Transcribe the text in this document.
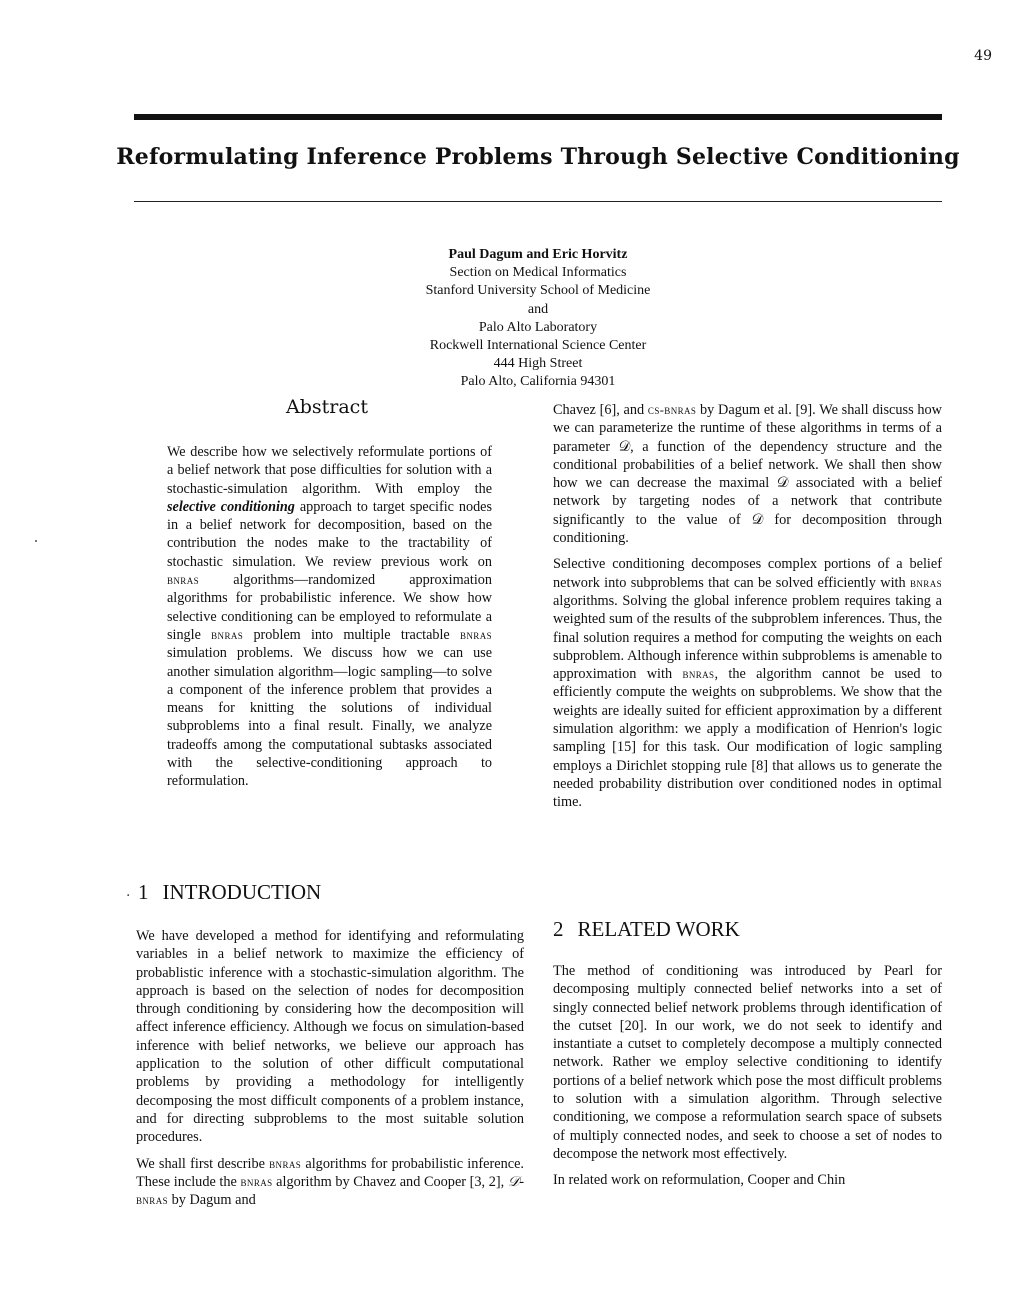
49
Reformulating Inference Problems Through Selective Conditioning
Paul Dagum and Eric Horvitz
Section on Medical Informatics
Stanford University School of Medicine
and
Palo Alto Laboratory
Rockwell International Science Center
444 High Street
Palo Alto, California 94301
Abstract
We describe how we selectively reformulate portions of a belief network that pose difficulties for solution with a stochastic-simulation algorithm. With employ the selective conditioning approach to target specific nodes in a belief network for decomposition, based on the contribution the nodes make to the tractability of stochastic simulation. We review previous work on bnras algorithms—randomized approximation algorithms for probabilistic inference. We show how selective conditioning can be employed to reformulate a single bnras problem into multiple tractable bnras simulation problems. We discuss how we can use another simulation algorithm—logic sampling—to solve a component of the inference problem that provides a means for knitting the solutions of individual subproblems into a final result. Finally, we analyze tradeoffs among the computational subtasks associated with the selective-conditioning approach to reformulation.
· 1 INTRODUCTION

We have developed a method for identifying and reformulating variables in a belief network to maximize the efficiency of probablistic inference with a stochastic-simulation algorithm. The approach is based on the selection of nodes for decomposition through conditioning by considering how the decomposition will affect inference efficiency. Although we focus on simulation-based inference with belief networks, we believe our approach has application to the solution of other difficult computational problems by providing a methodology for intelligently decomposing the most difficult components of a problem instance, and for directing subproblems to the most suitable solution procedures.

We shall first describe bnras algorithms for probabilistic inference. These include the bnras algorithm by Chavez and Cooper [3, 2], 𝒟-bnras by Dagum and

Chavez [6], and cs-bnras by Dagum et al. [9]. We shall discuss how we can parameterize the runtime of these algorithms in terms of a parameter 𝒟, a function of the dependency structure and the conditional probabilities of a belief network. We shall then show how we can decrease the maximal 𝒟 associated with a belief network by targeting nodes of a network that contribute significantly to the value of 𝒟 for decomposition through conditioning.

Selective conditioning decomposes complex portions of a belief network into subproblems that can be solved efficiently with bnras algorithms. Solving the global inference problem requires taking a weighted sum of the results of the subproblem inferences. Thus, the final solution requires a method for computing the weights on each subproblem. Although inference within subproblems is amenable to approximation with bnras, the algorithm cannot be used to efficiently compute the weights on subproblems. We show that the weights are ideally suited for efficient approximation by a different simulation algorithm: we apply a modification of Henrion's logic sampling [15] for this task. Our modification of logic sampling employs a Dirichlet stopping rule [8] that allows us to generate the needed probability distribution over conditioned nodes in optimal time.

2 RELATED WORK

The method of conditioning was introduced by Pearl for decomposing multiply connected belief networks into a set of singly connected belief network problems through identification of the cutset [20]. In our work, we do not seek to identify and instantiate a cutset to completely decompose a multiply connected network. Rather we employ selective conditioning to identify portions of a belief network which pose the most difficult problems to solution with a simulation algorithm. Through selective conditioning, we compose a reformulation search space of subsets of multiply connected nodes, and seek to choose a set of nodes to decompose the network most effectively.

In related work on reformulation, Cooper and Chin
